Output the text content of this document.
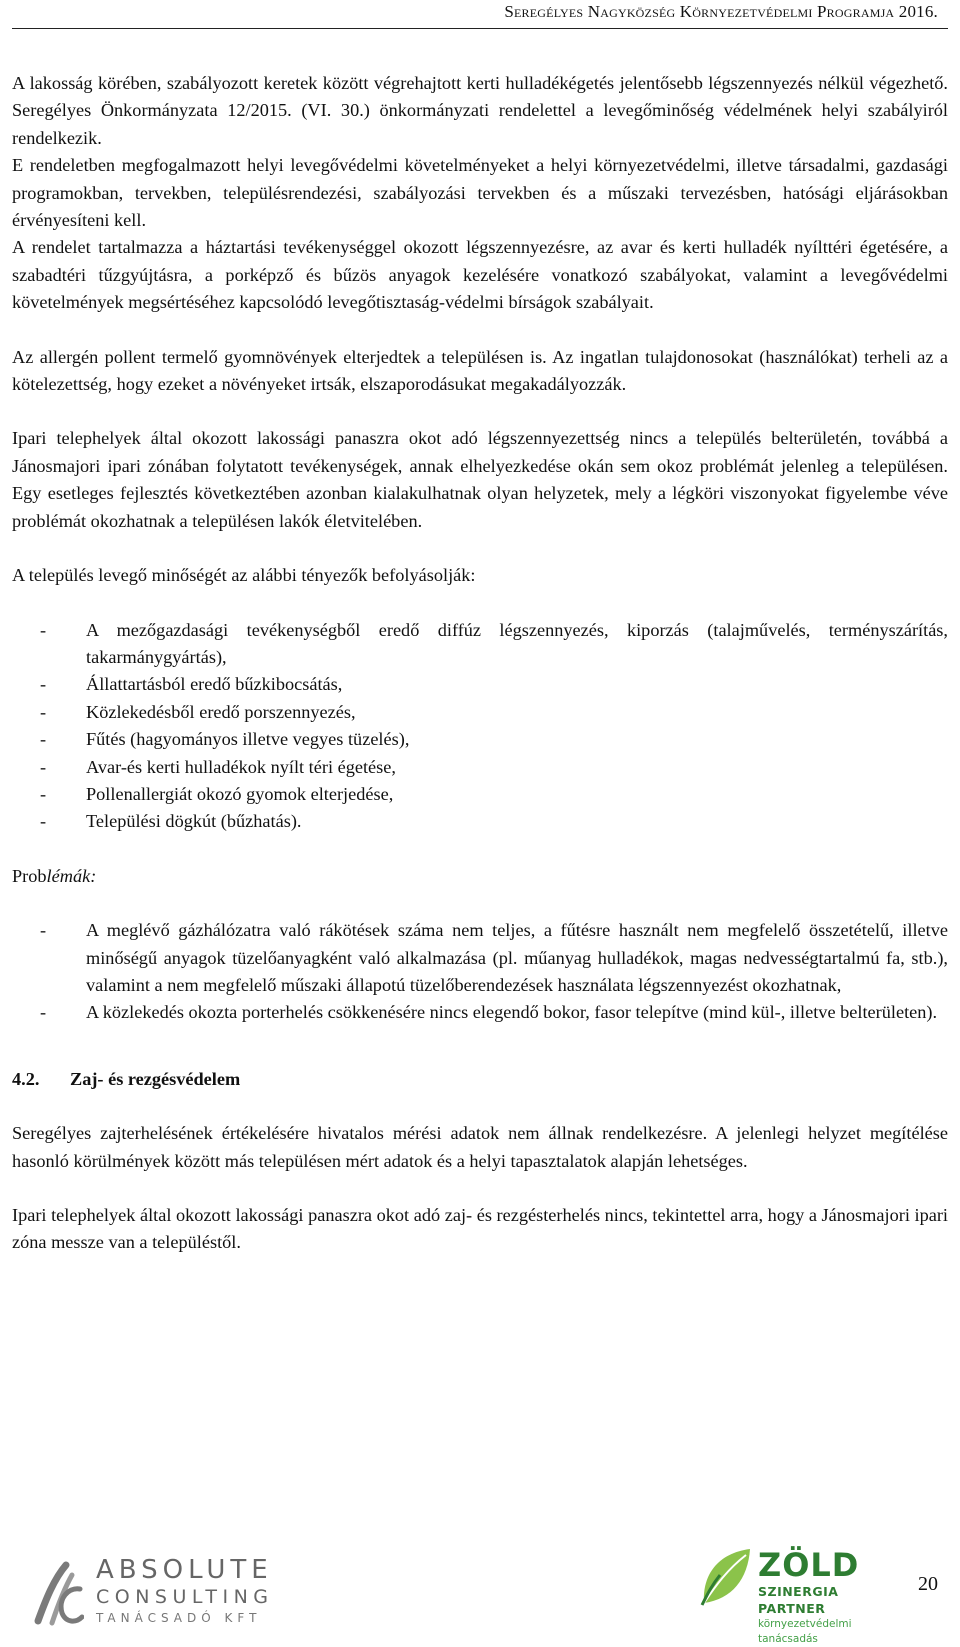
Seregélyes Nagyközség Környezetvédelmi Programja 2016.

A lakosság körében, szabályozott keretek között végrehajtott kerti hulladékégetés jelentősebb légszennyezés nélkül végezhető. Seregélyes Önkormányzata 12/2015. (VI. 30.) önkormányzati rendelettel a levegőminőség védelmének helyi szabályiról rendelkezik.

E rendeletben megfogalmazott helyi levegővédelmi követelményeket a helyi környezetvédelmi, illetve társadalmi, gazdasági programokban, tervekben, településrendezési, szabályozási tervekben és a műszaki tervezésben, hatósági eljárásokban érvényesíteni kell.

A rendelet tartalmazza a háztartási tevékenységgel okozott légszennyezésre, az avar és kerti hulladék nyílttéri égetésére, a szabadtéri tűzgyújtásra, a porképző és bűzös anyagok kezelésére vonatkozó szabályokat, valamint a levegővédelmi követelmények megsértéséhez kapcsolódó levegőtisztaság-védelmi bírságok szabályait.

Az allergén pollent termelő gyomnövények elterjedtek a településen is. Az ingatlan tulajdonosokat (használókat) terheli az a kötelezettség, hogy ezeket a növényeket irtsák, elszaporodásukat megakadályozzák.

Ipari telephelyek által okozott lakossági panaszra okot adó légszennyezettség nincs a település belterületén, továbbá a Jánosmajori ipari zónában folytatott tevékenységek, annak elhelyezkedése okán sem okoz problémát jelenleg a településen. Egy esetleges fejlesztés következtében azonban kialakulhatnak olyan helyzetek, mely a légköri viszonyokat figyelembe véve problémát okozhatnak a településen lakók életvitelében.

A település levegő minőségét az alábbi tényezők befolyásolják:

- A mezőgazdasági tevékenységből eredő diffúz légszennyezés, kiporzás (talajművelés, terményszárítás, takarmánygyártás),
- Állattartásból eredő bűzkibocsátás,
- Közlekedésből eredő porszennyezés,
- Fűtés (hagyományos illetve vegyes tüzelés),
- Avar-és kerti hulladékok nyílt téri égetése,
- Pollenallergiát okozó gyomok elterjedése,
- Települési dögkút (bűzhatás).

Problémák:

- A meglévő gázhálózatra való rákötések száma nem teljes, a fűtésre használt nem megfelelő összetételű, illetve minőségű anyagok tüzelőanyagként való alkalmazása (pl. műanyag hulladékok, magas nedvességtartalmú fa, stb.), valamint a nem megfelelő műszaki állapotú tüzelőberendezések használata légszennyezést okozhatnak,
- A közlekedés okozta porterhelés csökkenésére nincs elegendő bokor, fasor telepítve (mind kül-, illetve belterületen).

4.2. Zaj- és rezgésvédelem

Seregélyes zajterhelésének értékelésére hivatalos mérési adatok nem állnak rendelkezésre. A jelenlegi helyzet megítélése hasonló körülmények között más településen mért adatok és a helyi tapasztalatok alapján lehetséges.

Ipari telephelyek által okozott lakossági panaszra okot adó zaj- és rezgésterhelés nincs, tekintettel arra, hogy a Jánosmajori ipari zóna messze van a településtől.

ABSOLUTE
CONSULTING
TANÁCSADÓ KFT
ZÖLD
SZINERGIA PARTNER
környezetvédelmi tanácsadás
20
